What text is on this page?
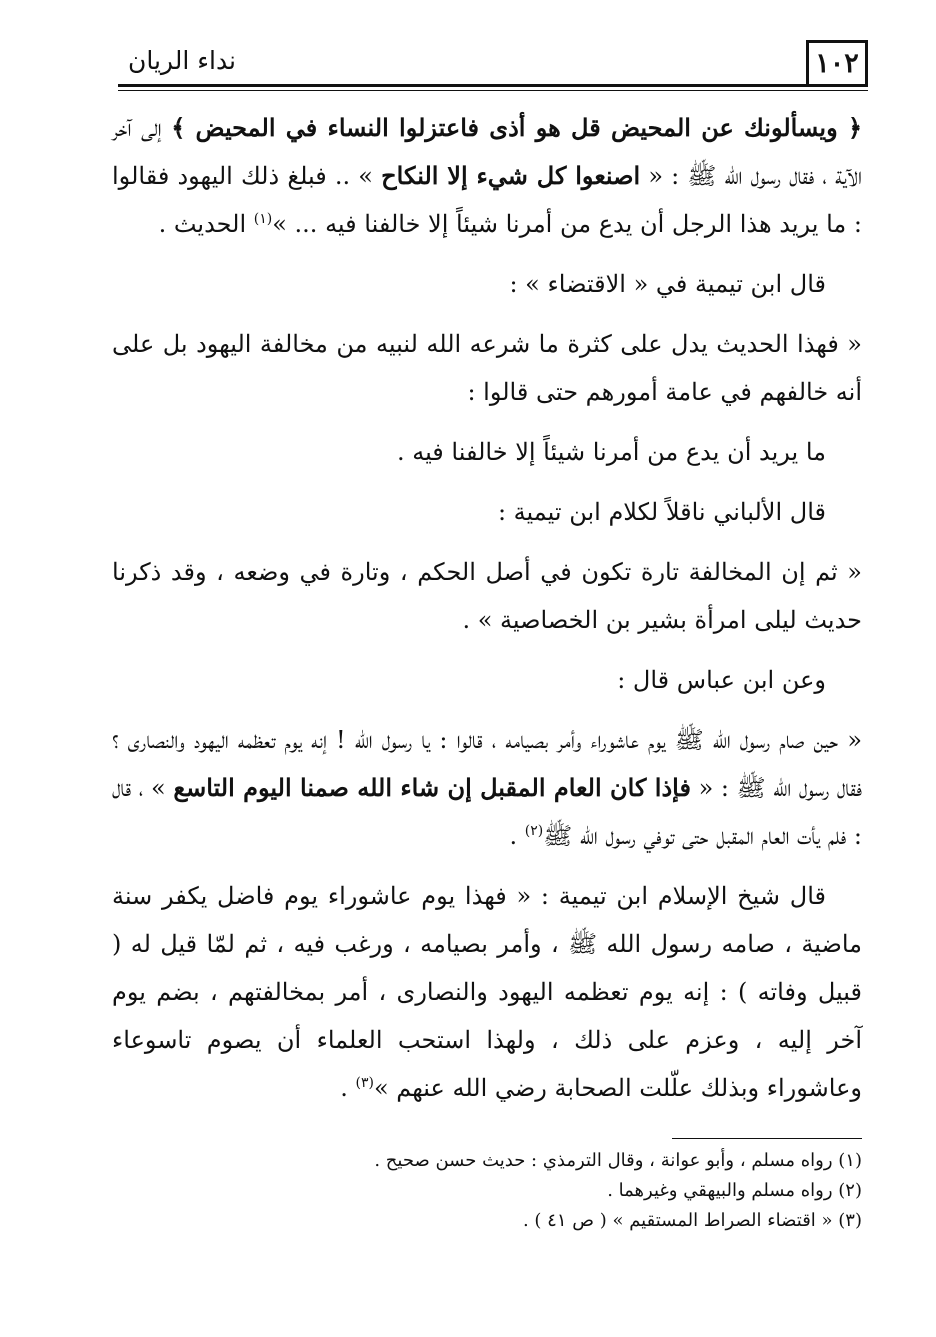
١٠٢
نداء الريان

﴿ ويسألونك عن المحيض قل هو أذى فاعتزلوا النساء في المحيض ﴾ إلى آخر الآية ، فقال رسول الله ﷺ : « اصنعوا كل شيء إلا النكاح » .. فبلغ ذلك اليهود فقالوا : ما يريد هذا الرجل أن يدع من أمرنا شيئاً إلا خالفنا فيه ... »$^{(١)}$ الحديث .

قال ابن تيمية في « الاقتضاء » :

« فهذا الحديث يدل على كثرة ما شرعه الله لنبيه من مخالفة اليهود بل على أنه خالفهم في عامة أمورهم حتى قالوا :

ما يريد أن يدع من أمرنا شيئاً إلا خالفنا فيه .

قال الألباني ناقلاً لكلام ابن تيمية :

« ثم إن المخالفة تارة تكون في أصل الحكم ، وتارة في وضعه ، وقد ذكرنا حديث ليلى امرأة بشير بن الخصاصية » .

وعن ابن عباس قال :

« حين صام رسول الله ﷺ يوم عاشوراء وأمر بصيامه ، قالوا : يا رسول الله ! إنه يوم تعظمه اليهود والنصارى ؟ فقال رسول الله ﷺ : « فإذا كان العام المقبل إن شاء الله صمنا اليوم التاسع » ، قال : فلم يأت العام المقبل حتى توفي رسول الله ﷺ$^{(٢)}$ .

قال شيخ الإسلام ابن تيمية : « فهذا يوم عاشوراء يوم فاضل يكفر سنة ماضية ، صامه رسول الله ﷺ ، وأمر بصيامه ، ورغب فيه ، ثم لمّا قيل له ( قبيل وفاته ) : إنه يوم تعظمه اليهود والنصارى ، أمر بمخالفتهم ، بضم يوم آخر إليه ، وعزم على ذلك ، ولهذا استحب العلماء أن يصوم تاسوعاء وعاشوراء وبذلك علّلت الصحابة رضي الله عنهم »$^{(٣)}$ .

(١) رواه مسلم ، وأبو عوانة ، وقال الترمذي : حديث حسن صحيح .
(٢) رواه مسلم والبيهقي وغيرهما .
(٣) « اقتضاء الصراط المستقيم » ( ص ٤١ ) .
